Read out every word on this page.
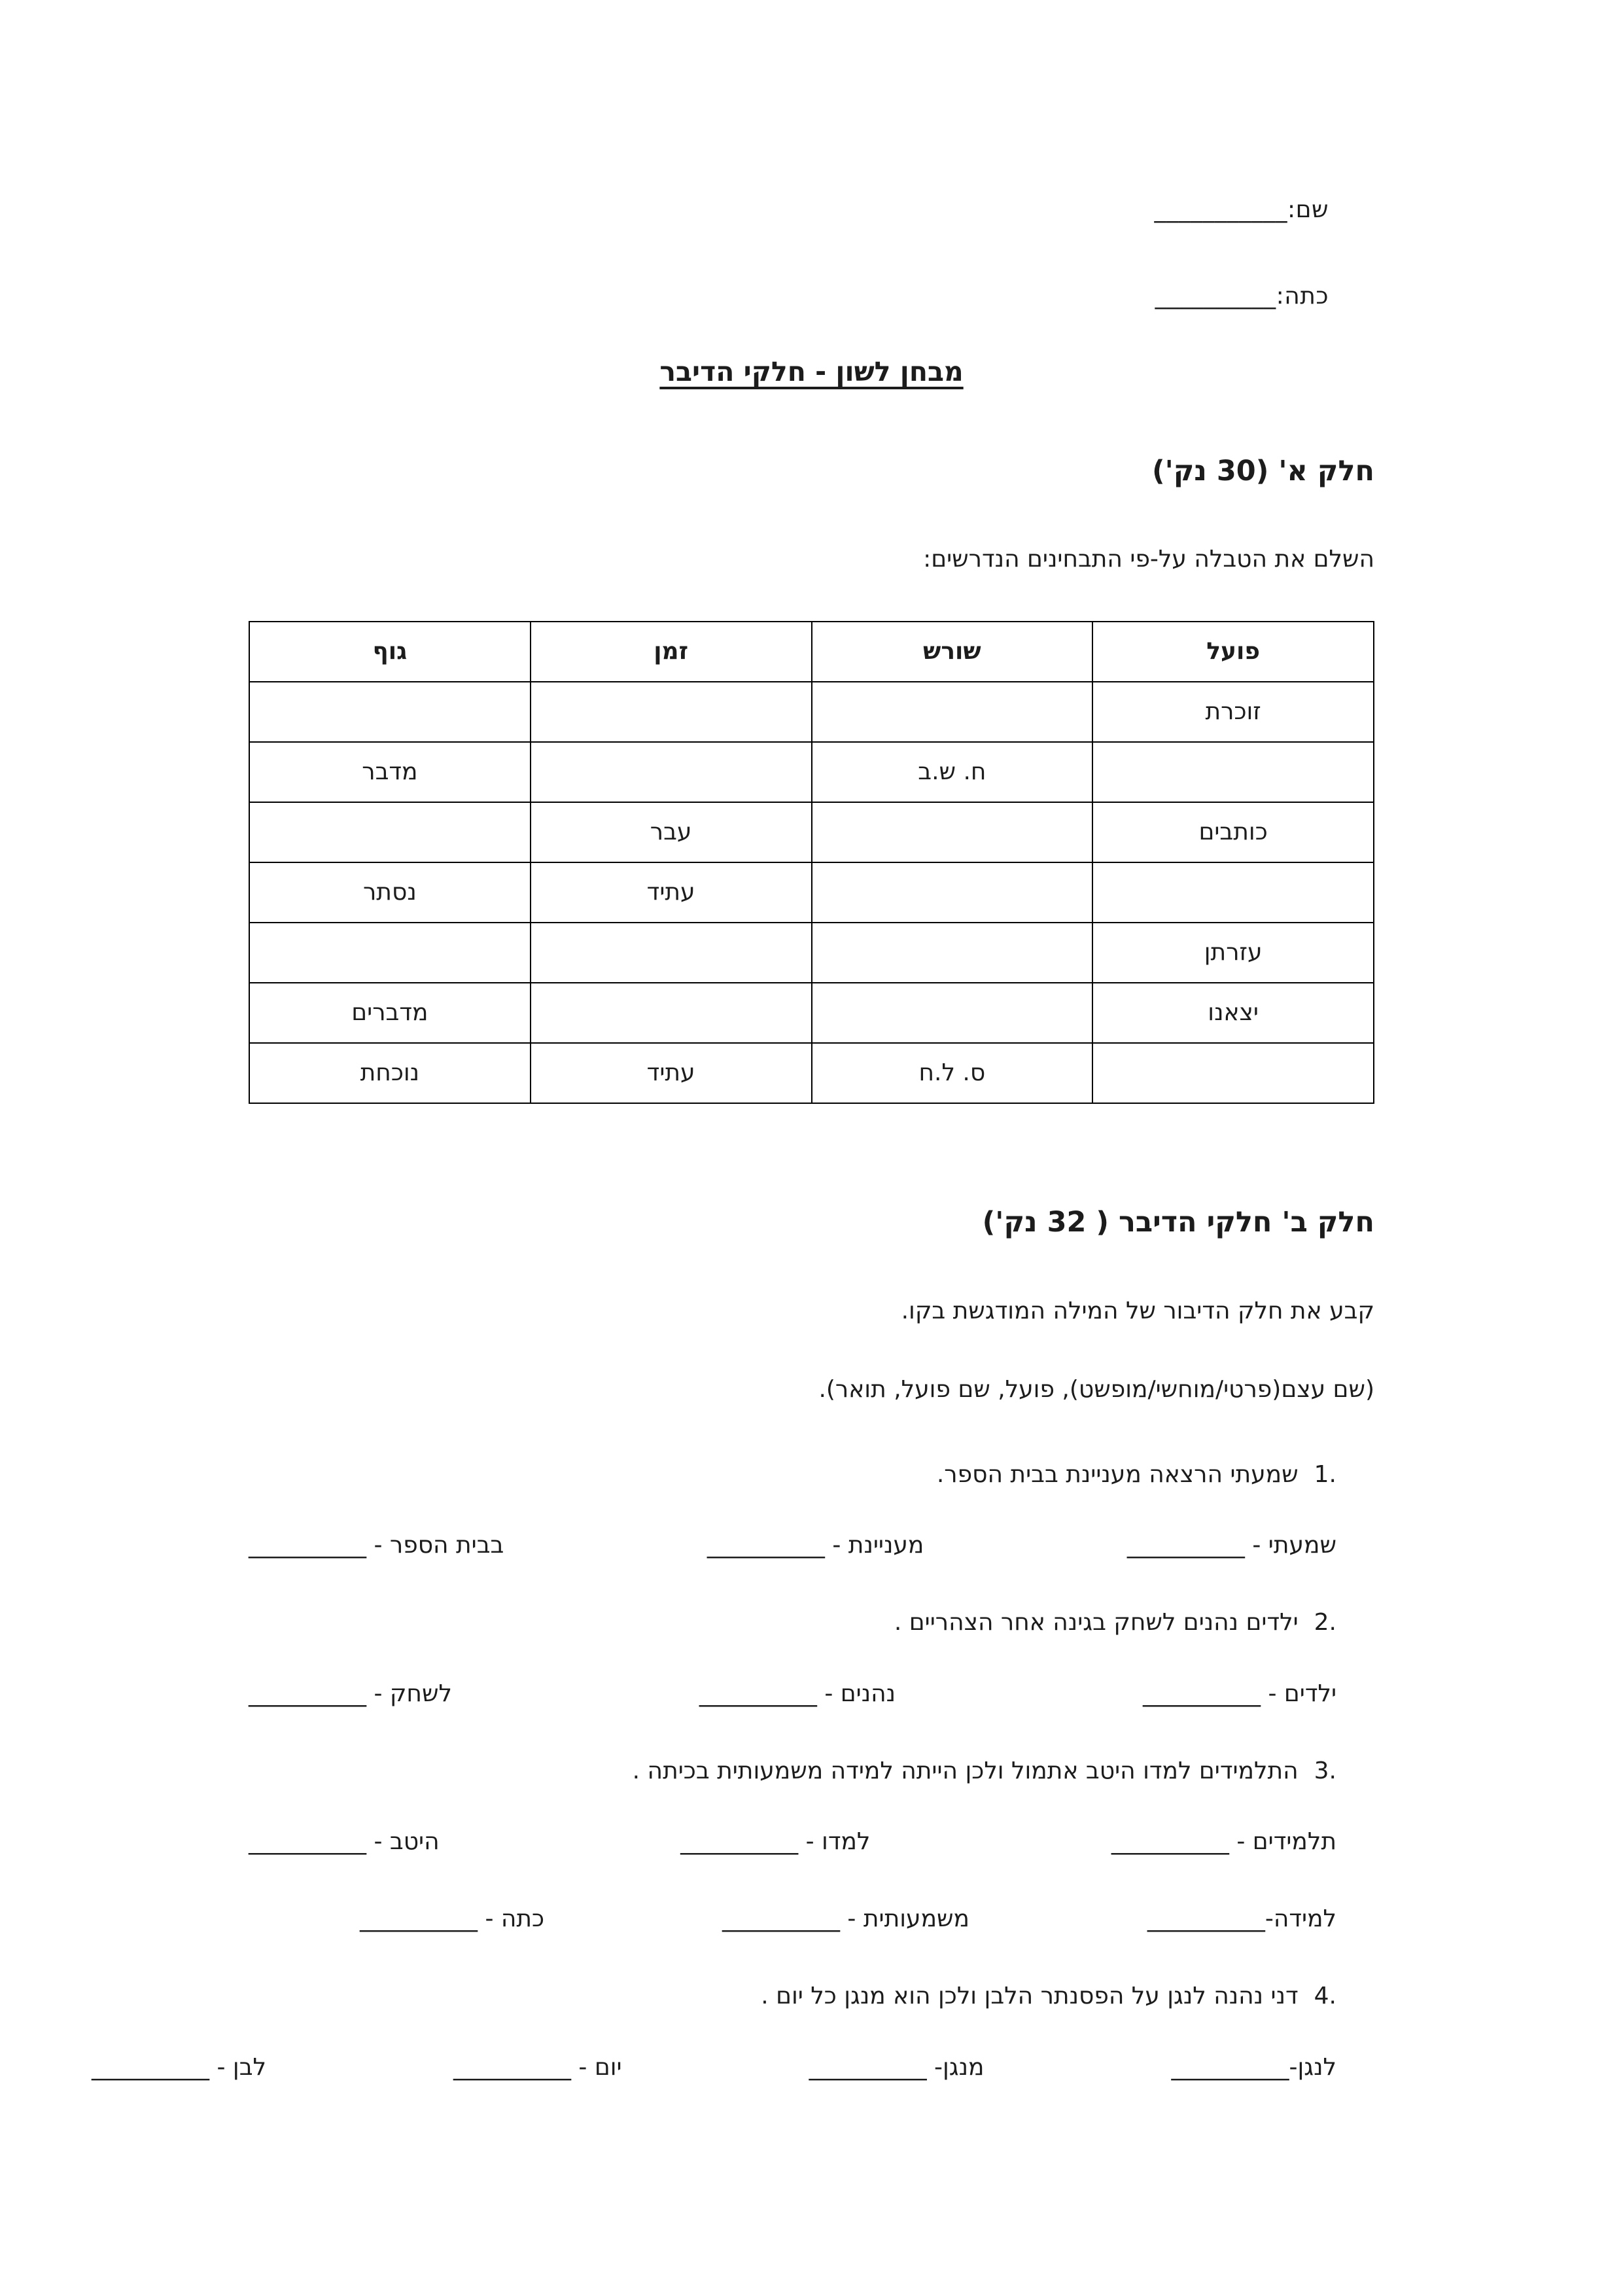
שם:___________
כתה:__________
מבחן לשון - חלקי הדיבר
חלק א' (30 נק')
השלם את הטבלה על-פי התבחינים הנדרשים:
פועל	שורש	זמן	גוף
זוכרת			
	ח. ש.ב		מדבר
כותבים		עבר	
		עתיד	נסתר
עזרתן			
יצאנו			מדברים
	ס. ל.ח	עתיד	נוכחת
חלק ב' חלקי הדיבר ( 32 נק')
קבע את חלק הדיבור של המילה המודגשת בקו.
(שם עצם(פרטי/מוחשי/מופשט), פועל, שם פועל, תואר).
1.
שמעתי הרצאה מעניינת בבית הספר.
שמעתי - __________
מעניינת - __________
בבית הספר - __________
2.
ילדים נהנים לשחק בגינה אחר הצהריים .
ילדים - __________
נהנים - __________
לשחק - __________
3.
התלמידים למדו היטב אתמול ולכן הייתה למידה משמעותית בכיתה .
תלמידים - __________
למדו - __________
היטב - __________
למידה-__________
משמעותית - __________
כתה - __________
4.
דני נהנה לנגן על הפסנתר הלבן ולכן הוא מנגן כל יום .
לנגן-__________
מנגן- __________
יום - __________
לבן - __________
